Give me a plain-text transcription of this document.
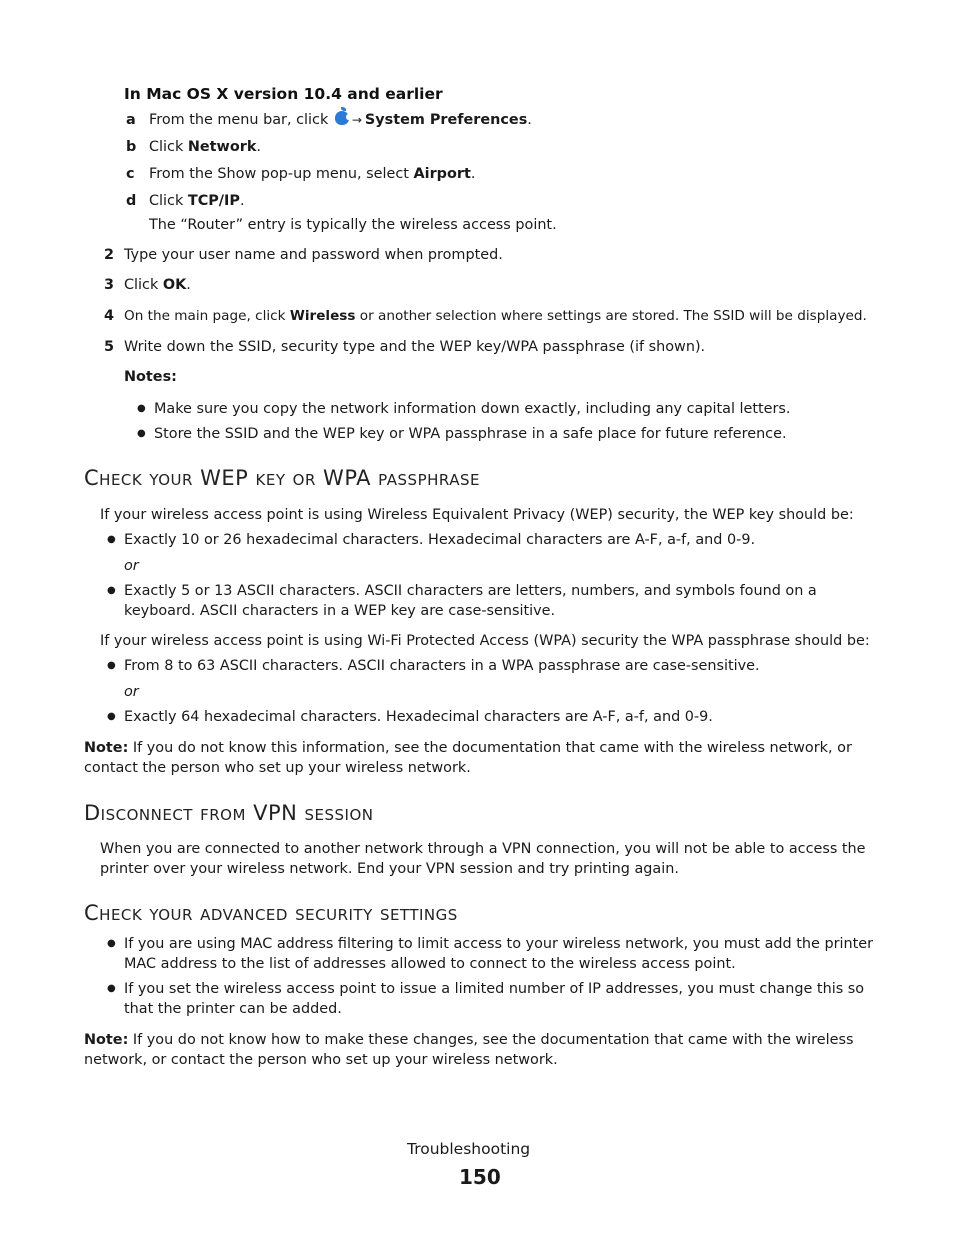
In Mac OS X version 10.4 and earlier
a From the menu bar, click → System Preferences.
b Click Network.
c From the Show pop-up menu, select Airport.
d Click TCP/IP.
The “Router” entry is typically the wireless access point.
2 Type your user name and password when prompted.
3 Click OK.
4 On the main page, click Wireless or another selection where settings are stored. The SSID will be displayed.
5 Write down the SSID, security type and the WEP key/WPA passphrase (if shown).
Notes:
● Make sure you copy the network information down exactly, including any capital letters.
● Store the SSID and the WEP key or WPA passphrase in a safe place for future reference.
Check your WEP key or WPA passphrase
If your wireless access point is using Wireless Equivalent Privacy (WEP) security, the WEP key should be:
● Exactly 10 or 26 hexadecimal characters. Hexadecimal characters are A-F, a-f, and 0-9.
or
● Exactly 5 or 13 ASCII characters. ASCII characters are letters, numbers, and symbols found on a keyboard. ASCII characters in a WEP key are case-sensitive.
If your wireless access point is using Wi-Fi Protected Access (WPA) security the WPA passphrase should be:
● From 8 to 63 ASCII characters. ASCII characters in a WPA passphrase are case-sensitive.
or
● Exactly 64 hexadecimal characters. Hexadecimal characters are A-F, a-f, and 0-9.
Note: If you do not know this information, see the documentation that came with the wireless network, or contact the person who set up your wireless network.
Disconnect from VPN session
When you are connected to another network through a VPN connection, you will not be able to access the printer over your wireless network. End your VPN session and try printing again.
Check your advanced security settings
● If you are using MAC address filtering to limit access to your wireless network, you must add the printer MAC address to the list of addresses allowed to connect to the wireless access point.
● If you set the wireless access point to issue a limited number of IP addresses, you must change this so that the printer can be added.
Note: If you do not know how to make these changes, see the documentation that came with the wireless network, or contact the person who set up your wireless network.
Troubleshooting
150
